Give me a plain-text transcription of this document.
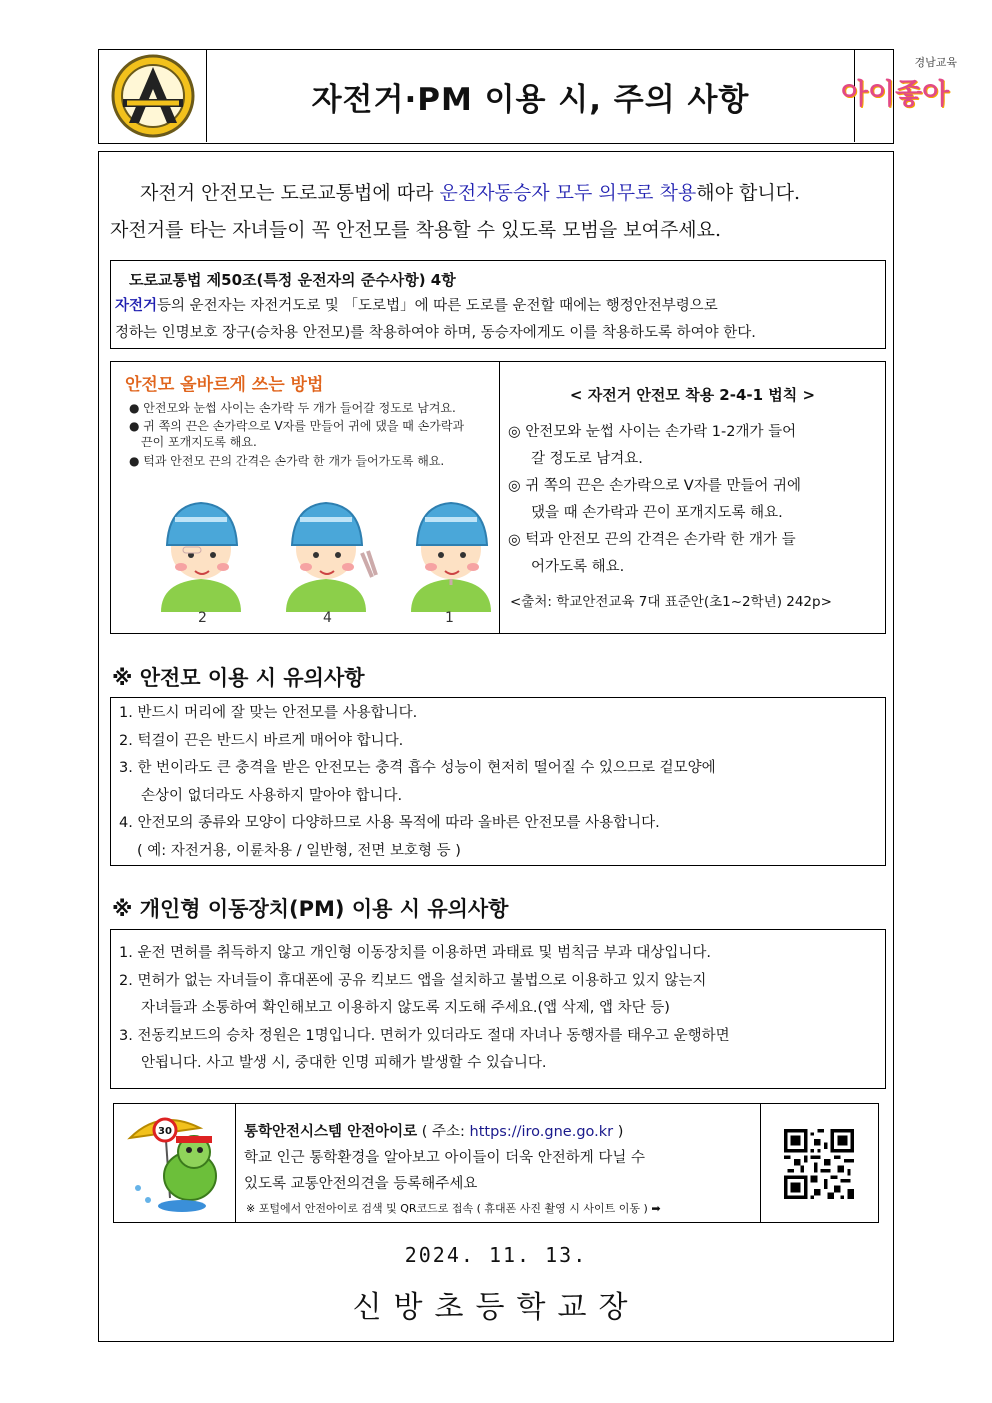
자전거·PM 이용 시, 주의 사항
경남교육
아이좋아
자전거 안전모는 도로교통법에 따라 운전자동승자 모두 의무로 착용해야 합니다.
자전거를 타는 자녀들이 꼭 안전모를 착용할 수 있도록 모범을 보여주세요.
도로교통법 제50조(특정 운전자의 준수사항) 4항
자전거등의 운전자는 자전거도로 및 「도로법」에 따른 도로를 운전할 때에는 행정안전부령으로
정하는 인명보호 장구(승차용 안전모)를 착용하여야 하며, 동승자에게도 이를 착용하도록 하여야 한다.
안전모 올바르게 쓰는 방법
● 안전모와 눈썹 사이는 손가락 두 개가 들어갈 정도로 남겨요.
● 귀 쪽의 끈은 손가락으로 V자를 만들어 귀에 댔을 때 손가락과
끈이 포개지도록 해요.
● 턱과 안전모 끈의 간격은 손가락 한 개가 들어가도록 해요.
2	4	1
< 자전거 안전모 착용 2-4-1 법칙 >
◎ 안전모와 눈썹 사이는 손가락 1-2개가 들어
갈 정도로 남겨요.
◎ 귀 쪽의 끈은 손가락으로 V자를 만들어 귀에
댔을 때 손가락과 끈이 포개지도록 해요.
◎ 턱과 안전모 끈의 간격은 손가락 한 개가 들
어가도록 해요.
<출처: 학교안전교육 7대 표준안(초1~2학년) 242p>
※ 안전모 이용 시 유의사항
1. 반드시 머리에 잘 맞는 안전모를 사용합니다.
2. 턱걸이 끈은 반드시 바르게 매어야 합니다.
3. 한 번이라도 큰 충격을 받은 안전모는 충격 흡수 성능이 현저히 떨어질 수 있으므로 겉모양에
손상이 없더라도 사용하지 말아야 합니다.
4. 안전모의 종류와 모양이 다양하므로 사용 목적에 따라 올바른 안전모를 사용합니다.
( 예: 자전거용, 이륜차용 / 일반형, 전면 보호형 등 )
※ 개인형 이동장치(PM) 이용 시 유의사항
1. 운전 면허를 취득하지 않고 개인형 이동장치를 이용하면 과태료 및 범칙금 부과 대상입니다.
2. 면허가 없는 자녀들이 휴대폰에 공유 킥보드 앱을 설치하고 불법으로 이용하고 있지 않는지
자녀들과 소통하여 확인해보고 이용하지 않도록 지도해 주세요.(앱 삭제, 앱 차단 등)
3. 전동킥보드의 승차 정원은 1명입니다. 면허가 있더라도 절대 자녀나 동행자를 태우고 운행하면
안됩니다. 사고 발생 시, 중대한 인명 피해가 발생할 수 있습니다.
30	통학안전시스템 안전아이로 ( 주소: https://iro.gne.go.kr )
학교 인근 통학환경을 알아보고 아이들이 더욱 안전하게 다닐 수
있도록 교통안전의견을 등록해주세요
※ 포털에서 안전아이로 검색 및 QR코드로 접속 ( 휴대폰 사진 촬영 시 사이트 이동 ) ➡
2024. 11. 13.
신방초등학교장
